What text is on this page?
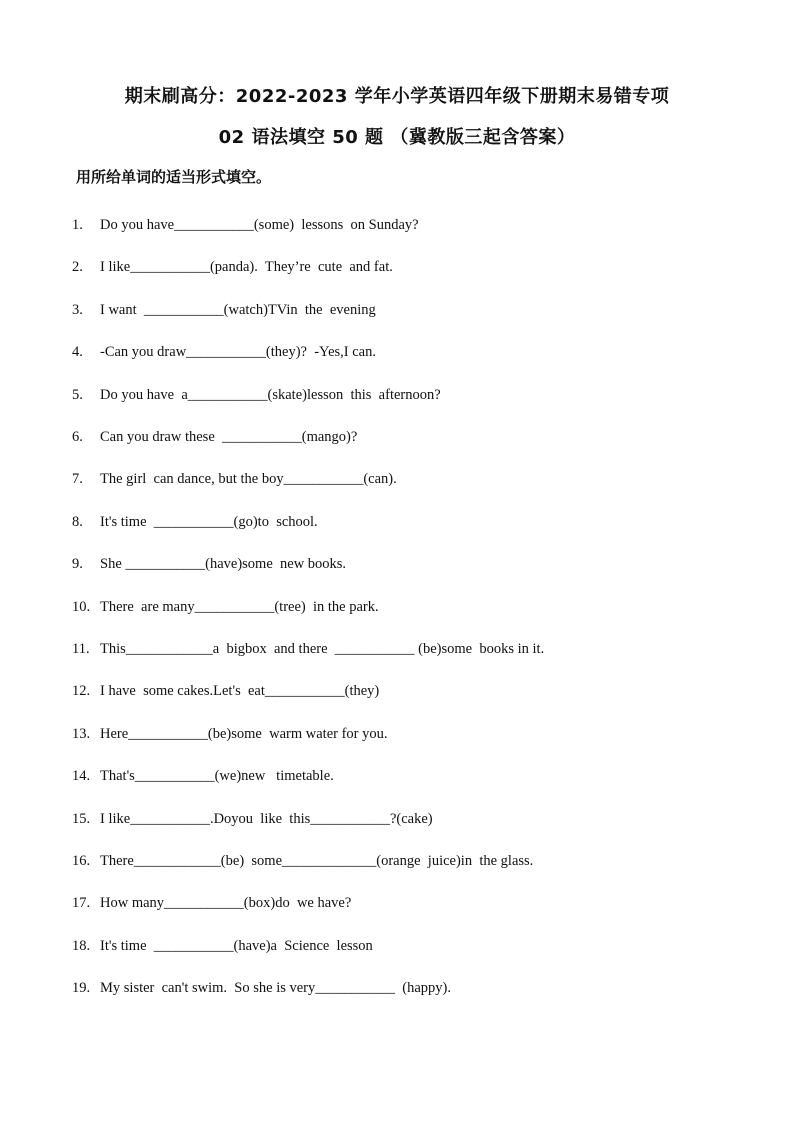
期末刷高分：2022-2023 学年小学英语四年级下册期末易错专项
02 语法填空 50 题 （冀教版三起含答案）
用所给单词的适当形式填空。
1. Do you have___________(some)  lessons  on Sunday?
2. I like___________(panda).  They’re  cute  and fat.
3. I want  ___________(watch)TVin  the  evening
4. -Can you draw___________(they)?  -Yes,I can.
5. Do you have  a___________(skate)lesson  this  afternoon?
6. Can you draw these  ___________(mango)?
7. The girl  can dance, but the boy___________(can).
8. It's time  ___________(go)to  school.
9. She ___________(have)some  new books.
10. There  are many___________(tree)  in the park.
11. This____________a  bigbox  and there  ___________ (be)some  books in it.
12. I have  some cakes.Let's  eat___________(they)
13. Here___________(be)some  warm water for you.
14. That's___________(we)new   timetable.
15. I like___________.Doyou  like  this___________?(cake)
16. There____________(be)  some_____________(orange  juice)in  the glass.
17. How many___________(box)do  we have?
18. It's time  ___________(have)a  Science  lesson
19. My sister  can't swim.  So she is very___________  (happy).
